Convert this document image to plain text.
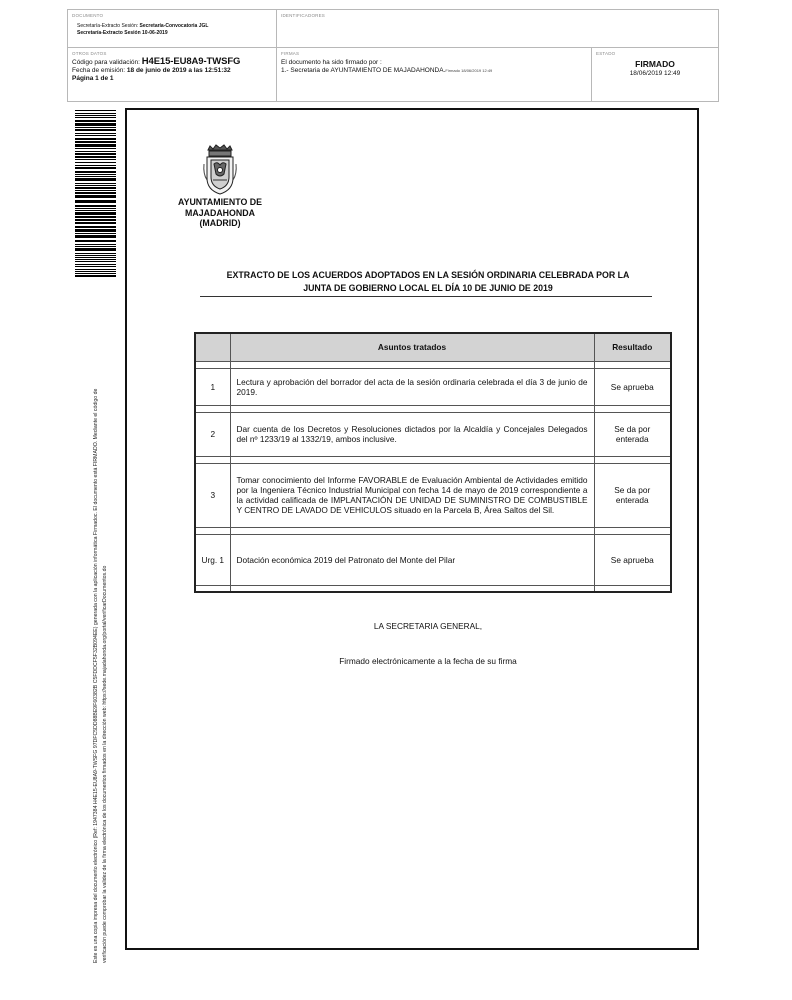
DOCUMENTO
Secretaría-Extracto Sesión: Secretaría-Convocatoria JGL
Secretaría-Extracto Sesión 10-06-2019
IDENTIFICADORES
OTROS DATOS
Código para validación: H4E15-EU8A9-TWSFG
Fecha de emisión: 18 de junio de 2019 a las 12:51:32
Página 1 de 1
FIRMAS
El documento ha sido firmado por :
1.- Secretaria de AYUNTAMIENTO DE MAJADAHONDA.Firmado 18/06/2019 12:49
ESTADO
FIRMADO
18/06/2019 12:49
Este es una copia impresa del documento electrónico (Ref: 1947384 H4E15-EU8A9-TWSFG 97DFC5DD88BE9F60382B C5FDDCF5F32B094EE) generada con la aplicación informática Firmadoc. El documento está FIRMADO. Mediante el código de verificación puede comprobar la validez de la firma electrónica de los documentos firmados en la dirección web: https://sede.majadahonda.org/portal/verificarDocumentos.do
AYUNTAMIENTO DE
MAJADAHONDA
(MADRID)
EXTRACTO DE LOS ACUERDOS ADOPTADOS EN LA SESIÓN ORDINARIA CELEBRADA POR LA
JUNTA DE GOBIERNO LOCAL EL DÍA 10 DE JUNIO DE 2019
	Asuntos tratados	Resultado

1	Lectura y aprobación del borrador del acta de la sesión ordinaria celebrada el día 3 de junio de 2019.	Se aprueba

2	Dar cuenta de los Decretos y Resoluciones dictados por la Alcaldía y Concejales Delegados del nº 1233/19 al 1332/19, ambos inclusive.	Se da por enterada

3	Tomar conocimiento del Informe FAVORABLE de Evaluación Ambiental de Actividades emitido por la Ingeniera Técnico Industrial Municipal con fecha 14 de mayo de 2019 correspondiente a la actividad calificada de IMPLANTACIÓN DE UNIDAD DE SUMINISTRO DE COMBUSTIBLE Y CENTRO DE LAVADO DE VEHICULOS situado en la Parcela B, Área Saltos del Sil.	Se da por enterada

Urg. 1	Dotación económica 2019 del Patronato del Monte del Pilar	Se aprueba

LA SECRETARIA GENERAL,
Firmado electrónicamente a la fecha de su firma
